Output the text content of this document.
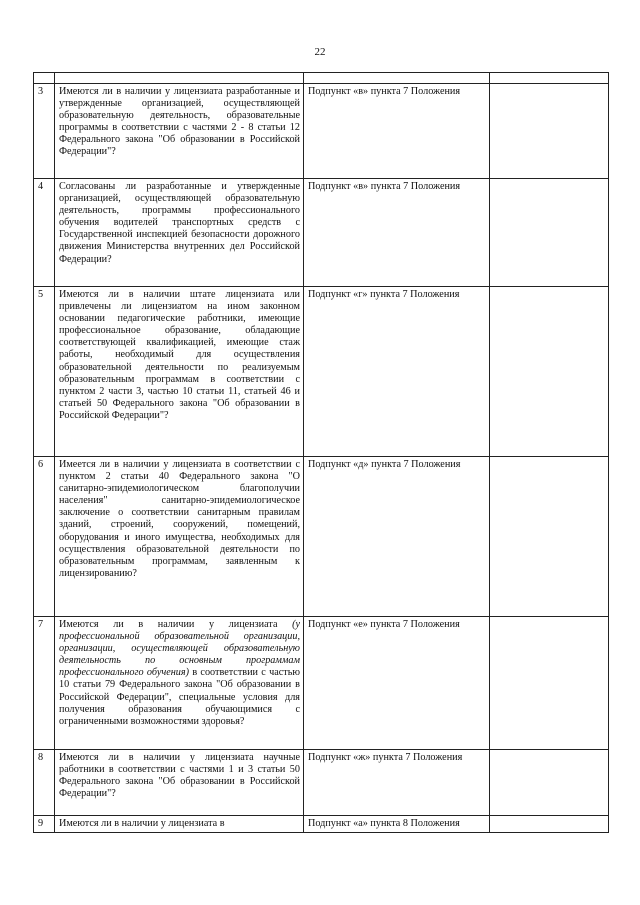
22

3	Имеются ли в наличии у лицензиата разработанные и утвержденные организацией, осуществляющей образовательную деятельность, образовательные программы в соответствии с частями 2 - 8 статьи 12 Федерального закона "Об образовании в Российской Федерации"?	Подпункт «в» пункта 7 Положения	
4	Согласованы ли разработанные и утвержденные организацией, осуществляющей образовательную деятельность, программы профессионального обучения водителей транспортных средств с Государственной инспекцией безопасности дорожного движения Министерства внутренних дел Российской Федерации?	Подпункт «в» пункта 7 Положения	
5	Имеются ли в наличии штате лицензиата или привлечены ли лицензиатом на ином законном основании педагогические работники, имеющие профессиональное образование, обладающие соответствующей квалификацией, имеющие стаж работы, необходимый для осуществления образовательной деятельности по реализуемым образовательным программам в соответствии с пунктом 2 части 3, частью 10 статьи 11, статьей 46 и статьей 50 Федерального закона "Об образовании в Российской Федерации"?	Подпункт «г» пункта 7 Положения	
6	Имеется ли в наличии у лицензиата в соответствии с пунктом 2 статьи 40 Федерального закона "О санитарно-эпидемиологическом благополучии населения" санитарно-эпидемиологическое заключение о соответствии санитарным правилам зданий, строений, сооружений, помещений, оборудования и иного имущества, необходимых для осуществления образовательной деятельности по образовательным программам, заявленным к лицензированию?	Подпункт «д» пункта 7 Положения	
7	Имеются ли в наличии у лицензиата (у профессиональной образовательной организации, организации, осуществляющей образовательную деятельность по основным программам профессионального обучения) в соответствии с частью 10 статьи 79 Федерального закона "Об образовании в Российской Федерации", специальные условия для получения образования обучающимися с ограниченными возможностями здоровья?	Подпункт «е» пункта 7 Положения	
8	Имеются ли в наличии у лицензиата научные работники в соответствии с частями 1 и 3 статьи 50 Федерального закона "Об образовании в Российской Федерации"?	Подпункт «ж» пункта 7 Положения	
9	Имеются ли в наличии у лицензиата в	Подпункт «а» пункта 8 Положения	
